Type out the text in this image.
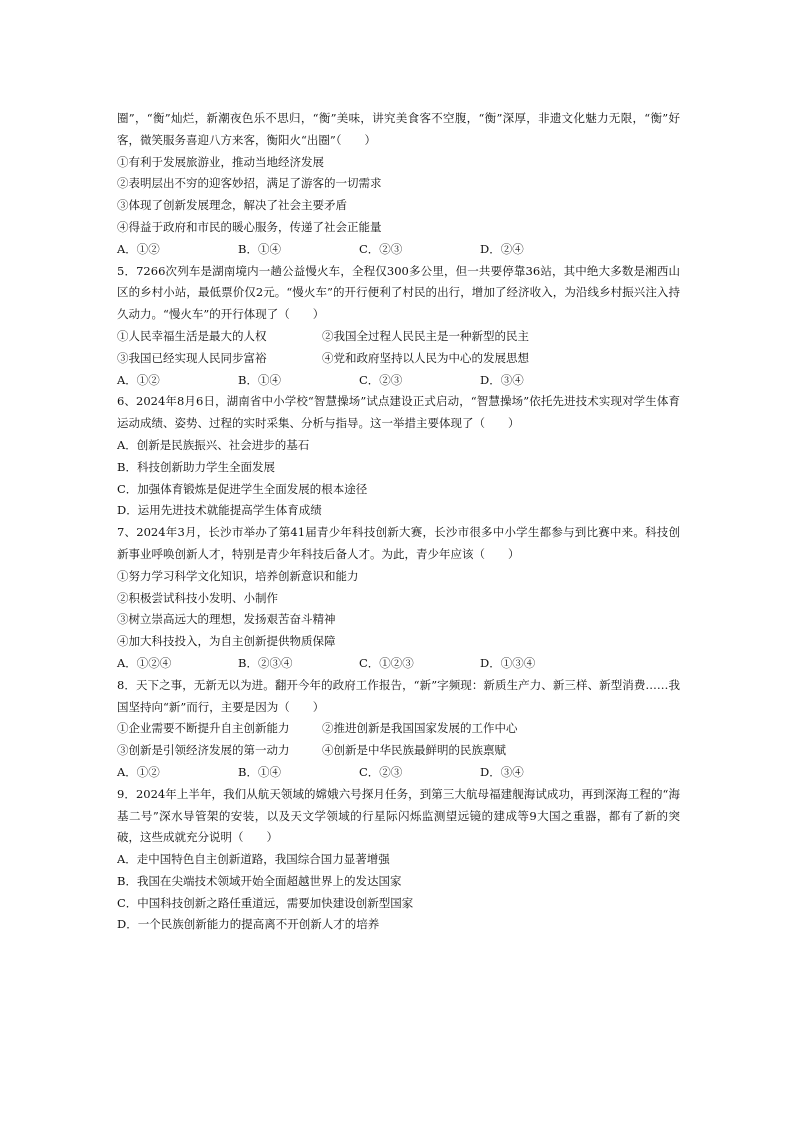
圈”，“衡”灿烂，新潮夜色乐不思归，“衡”美味，讲究美食客不空腹，“衡”深厚，非遗文化魅力无限，“衡”好客，微笑服务喜迎八方来客，衡阳火“出圈”（　　）
①有利于发展旅游业，推动当地经济发展
②表明层出不穷的迎客妙招，满足了游客的一切需求
③体现了创新发展理念，解决了社会主要矛盾
④得益于政府和市民的暖心服务，传递了社会正能量
A．①②	B．①④	C．②③	D．②④
5．7266次列车是湖南境内一趟公益慢火车，全程仅300多公里，但一共要停靠36站，其中绝大多数是湘西山区的乡村小站，最低票价仅2元。“慢火车”的开行便利了村民的出行，增加了经济收入，为沿线乡村振兴注入持久动力。“慢火车”的开行体现了（　　）
①人民幸福生活是最大的人权	②我国全过程人民民主是一种新型的民主
③我国已经实现人民同步富裕	④党和政府坚持以人民为中心的发展思想
A．①②	B．①④	C．②③	D．③④
6、2024年8月6日，湖南省中小学校“智慧操场”试点建设正式启动，“智慧操场”依托先进技术实现对学生体育运动成绩、姿势、过程的实时采集、分析与指导。这一举措主要体现了（　　）
A．创新是民族振兴、社会进步的基石
B．科技创新助力学生全面发展
C．加强体育锻炼是促进学生全面发展的根本途径
D．运用先进技术就能提高学生体育成绩
7、2024年3月，长沙市举办了第41届青少年科技创新大赛，长沙市很多中小学生都参与到比赛中来。科技创新事业呼唤创新人才，特别是青少年科技后备人才。为此，青少年应该（　　）
①努力学习科学文化知识，培养创新意识和能力
②积极尝试科技小发明、小制作
③树立崇高远大的理想，发扬艰苦奋斗精神
④加大科技投入，为自主创新提供物质保障
A．①②④	B．②③④	C．①②③	D．①③④
8．天下之事，无新无以为进。翻开今年的政府工作报告，“新”字频现：新质生产力、新三样、新型消费……我国坚持向“新”而行，主要是因为（　　）
①企业需要不断提升自主创新能力	②推进创新是我国国家发展的工作中心
③创新是引领经济发展的第一动力	④创新是中华民族最鲜明的民族禀赋
A．①②	B．①④	C．②③	D．③④
9．2024年上半年，我们从航天领域的嫦娥六号探月任务，到第三大航母福建舰海试成功，再到深海工程的“海基二号”深水导管架的安装，以及天文学领域的行星际闪烁监测望远镜的建成等9大国之重器，都有了新的突破，这些成就充分说明（　　）
A．走中国特色自主创新道路，我国综合国力显著增强
B．我国在尖端技术领域开始全面超越世界上的发达国家
C．中国科技创新之路任重道远，需要加快建设创新型国家
D．一个民族创新能力的提高离不开创新人才的培养
